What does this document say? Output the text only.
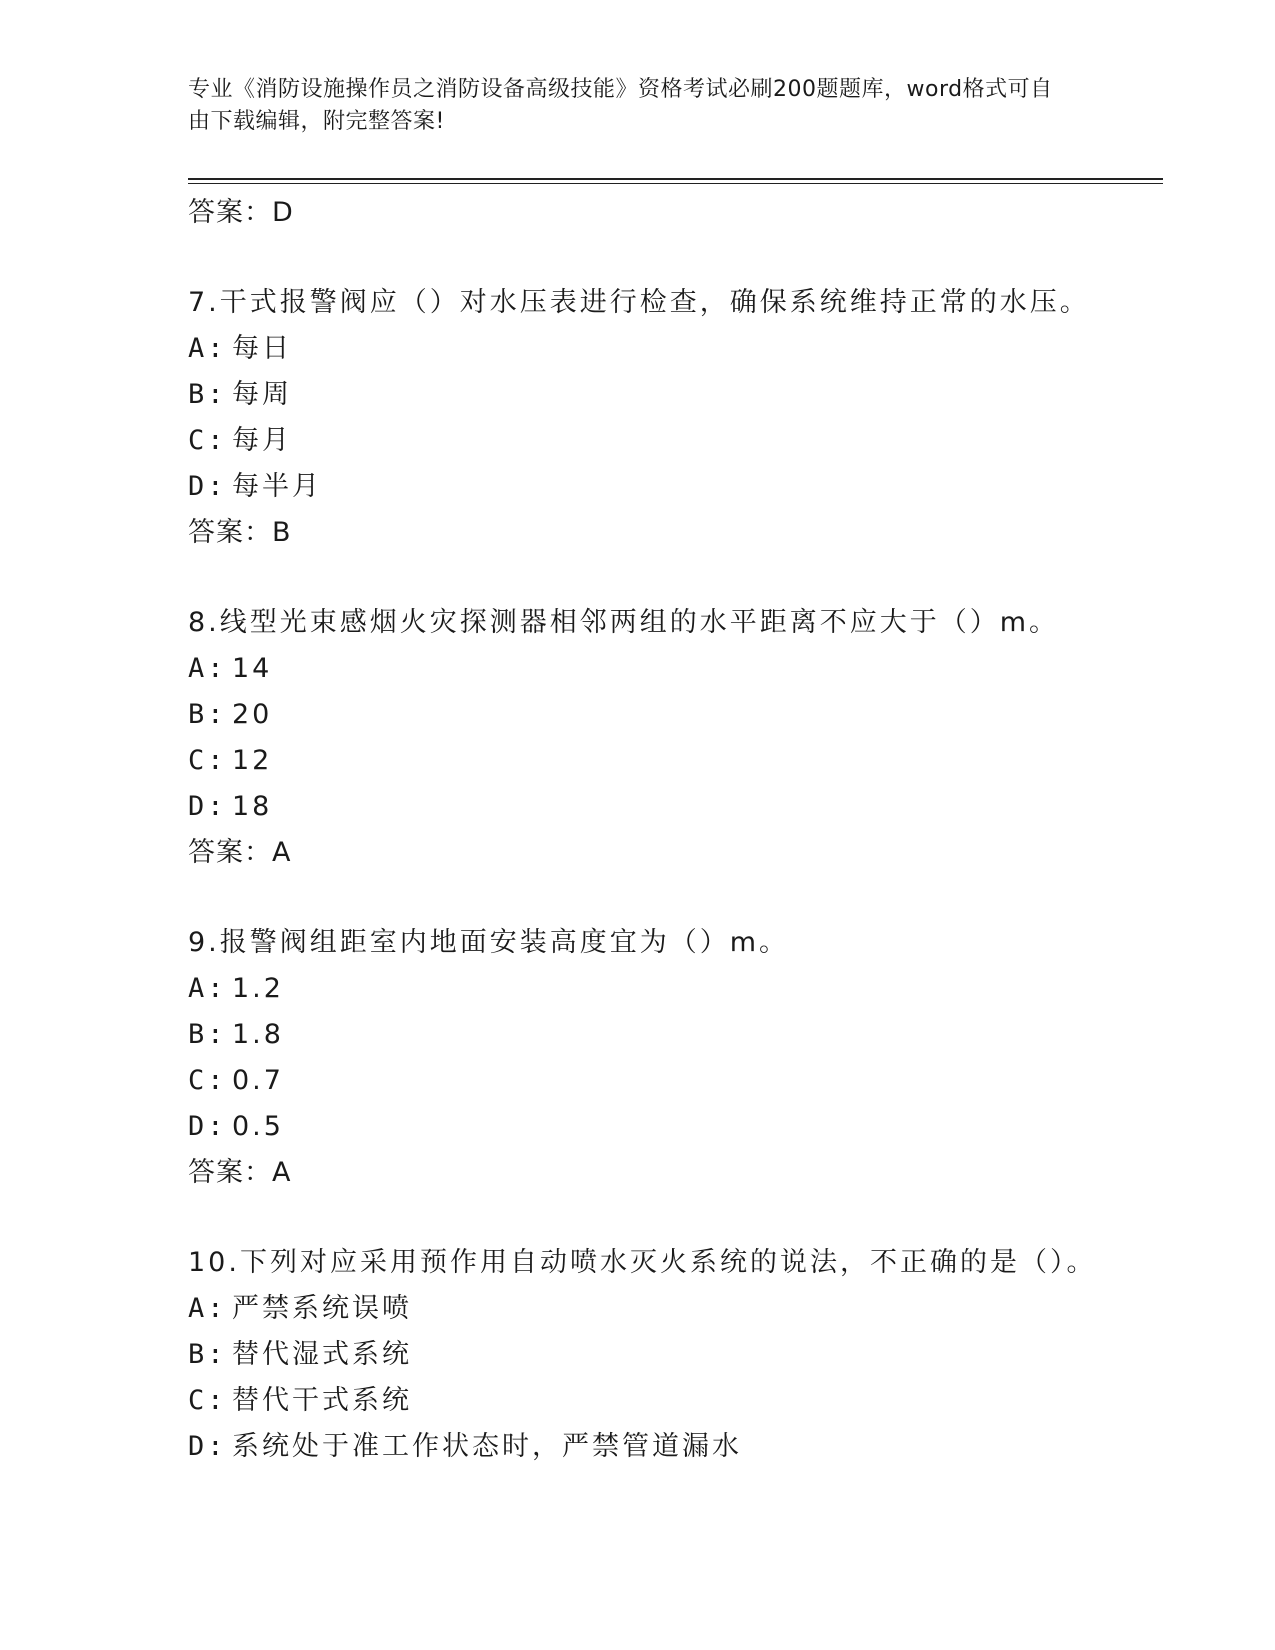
专业《消防设施操作员之消防设备高级技能》资格考试必刷200题题库，word格式可自由下载编辑，附完整答案!
答案：D
7.干式报警阀应（）对水压表进行检查，确保系统维持正常的水压。
A: 每日
B: 每周
C: 每月
D: 每半月
答案：B
8.线型光束感烟火灾探测器相邻两组的水平距离不应大于（）m。
A: 14
B: 20
C: 12
D: 18
答案：A
9.报警阀组距室内地面安装高度宜为（）m。
A: 1.2
B: 1.8
C: 0.7
D: 0.5
答案：A
10.下列对应采用预作用自动喷水灭火系统的说法，不正确的是（）。
A: 严禁系统误喷
B: 替代湿式系统
C: 替代干式系统
D: 系统处于准工作状态时，严禁管道漏水
